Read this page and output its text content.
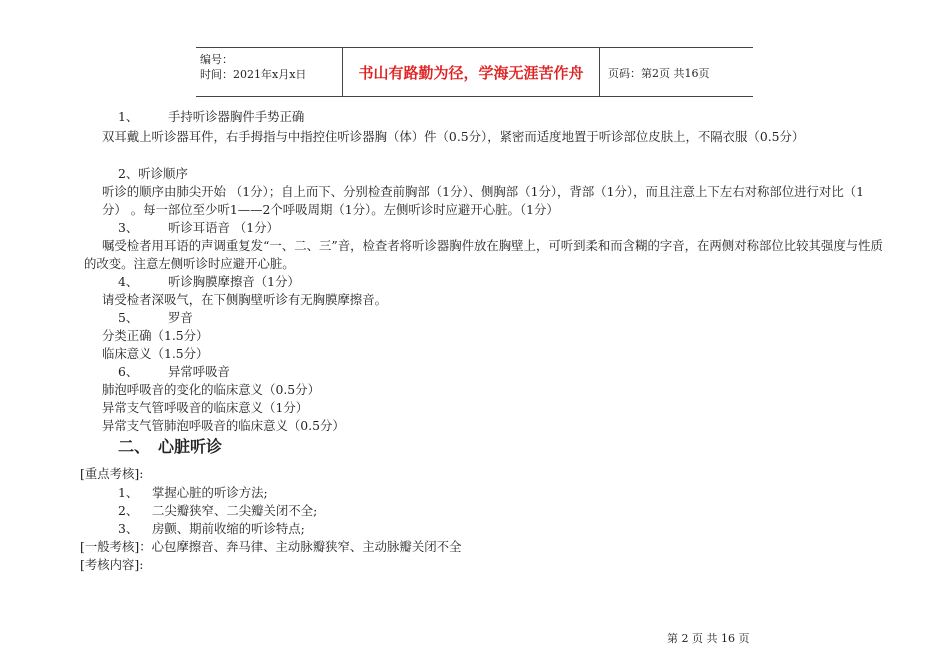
编号：
时间：2021年x月x日	书山有路勤为径，学海无涯苦作舟	页码：第2页 共16页
1、 手持听诊器胸件手势正确
双耳戴上听诊器耳件，右手拇指与中指控住听诊器胸（体）件（0.5分），紧密而适度地置于听诊部位皮肤上，不隔衣服（0.5分）
2、听诊顺序
听诊的顺序由肺尖开始 （1分）；自上而下、分别检查前胸部（1分）、侧胸部（1分），背部（1分），而且注意上下左右对称部位进行对比（1分） 。每一部位至少听1——2个呼吸周期（1分）。左侧听诊时应避开心脏。（1分）
3、 听诊耳语音 （1分）
嘱受检者用耳语的声调重复发“一、二、三”音，检查者将听诊器胸件放在胸壁上，可听到柔和而含糊的字音，在两侧对称部位比较其强度与性质的改变。注意左侧听诊时应避开心脏。
4、 听诊胸膜摩擦音（1分）
请受检者深吸气，在下侧胸壁听诊有无胸膜摩擦音。
5、 罗音
分类正确（1.5分）
临床意义（1.5分）
6、 异常呼吸音
肺泡呼吸音的变化的临床意义（0.5分）
异常支气管呼吸音的临床意义（1分）
异常支气管肺泡呼吸音的临床意义（0.5分）
二、 心脏听诊
[重点考核]:
1、 掌握心脏的听诊方法;
2、 二尖瓣狭窄、二尖瓣关闭不全;
3、 房颤、期前收缩的听诊特点;
[一般考核]：心包摩擦音、奔马律、主动脉瓣狭窄、主动脉瓣关闭不全
[考核内容]:
第 2 页 共 16 页
